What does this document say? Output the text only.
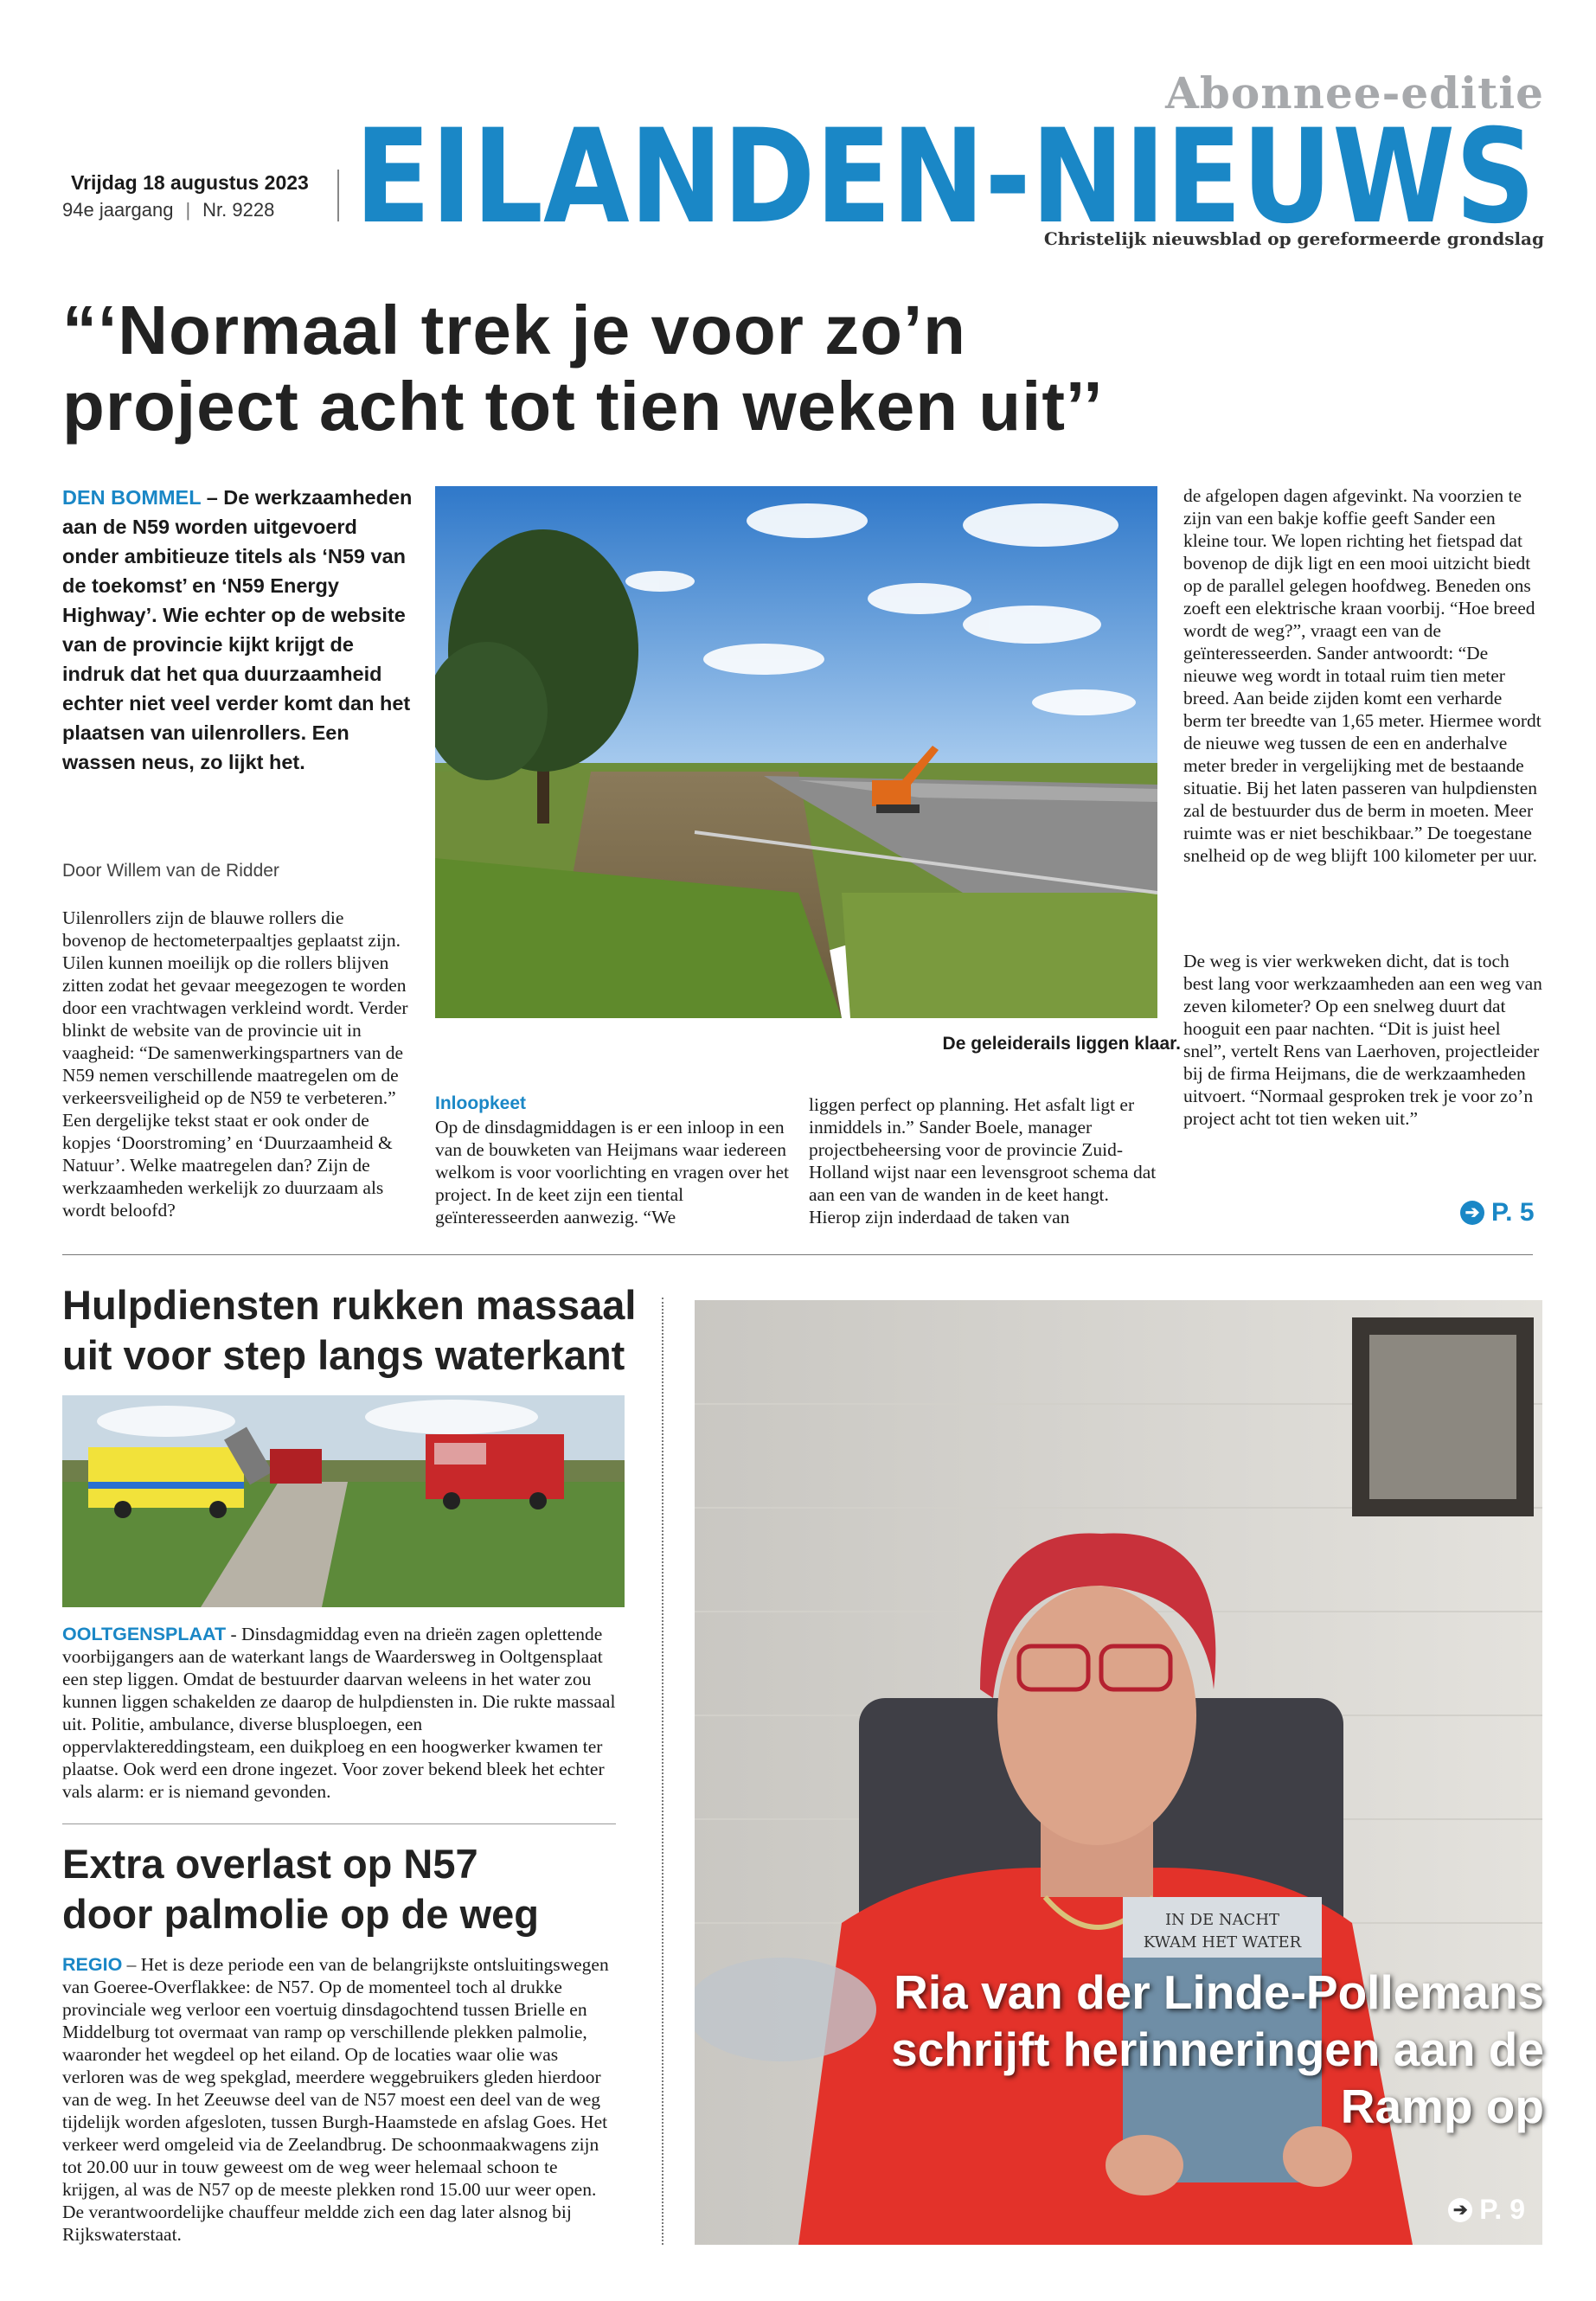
Abonnee-editie
Vrijdag 18 augustus 2023
94e jaargang | Nr. 9228 EILANDEN-NIEUWS
Christelijk nieuwsblad op gereformeerde grondslag
“‘Normaal trek je voor zo’n
project acht tot tien weken uit’’
DEN BOMMEL – De werkzaamheden aan de N59 worden uitgevoerd onder ambitieuze titels als ‘N59 van de toekomst’ en ‘N59 Energy Highway’. Wie echter op de website van de provincie kijkt krijgt de indruk dat het qua duurzaamheid echter niet veel verder komt dan het plaatsen van uilenrollers. Een wassen neus, zo lijkt het.
Door Willem van de Ridder
Uilenrollers zijn de blauwe rollers die bovenop de hectometerpaaltjes geplaatst zijn. Uilen kunnen moeilijk op die rollers blijven zitten zodat het gevaar meegezogen te worden door een vrachtwagen verkleind wordt. Verder blinkt de website van de provincie uit in vaagheid: “De samenwerkingspartners van de N59 nemen verschillende maatregelen om de verkeersveiligheid op de N59 te verbeteren.” Een dergelijke tekst staat er ook onder de kopjes ‘Doorstroming’ en ‘Duurzaamheid & Natuur’. Welke maatregelen dan? Zijn de werkzaamheden werkelijk zo duurzaam als wordt beloofd?
De geleiderails liggen klaar.
Inloopkeet
Op de dinsdagmiddagen is er een inloop in een van de bouwketen van Heijmans waar iedereen welkom is voor voorlichting en vragen over het project. In de keet zijn een tiental geïnteresseerden aanwezig. “We
liggen perfect op planning. Het asfalt ligt er inmiddels in.” Sander Boele, manager projectbeheersing voor de provincie Zuid-Holland wijst naar een levensgroot schema dat aan een van de wanden in de keet hangt. Hierop zijn inderdaad de taken van
de afgelopen dagen afgevinkt. Na voorzien te zijn van een bakje koffie geeft Sander een kleine tour. We lopen richting het fietspad dat bovenop de dijk ligt en een mooi uitzicht biedt op de parallel gelegen hoofdweg. Beneden ons zoeft een elektrische kraan voorbij. “Hoe breed wordt de weg?”, vraagt een van de geïnteresseerden. Sander antwoordt: “De nieuwe weg wordt in totaal ruim tien meter breed. Aan beide zijden komt een verharde berm ter breedte van 1,65 meter. Hiermee wordt de nieuwe weg tussen de een en anderhalve meter breder in vergelijking met de bestaande situatie. Bij het laten passeren van hulpdiensten zal de bestuurder dus de berm in moeten. Meer ruimte was er niet beschikbaar.” De toegestane snelheid op de weg blijft 100 kilometer per uur.
De weg is vier werkweken dicht, dat is toch best lang voor werkzaamheden aan een weg van zeven kilometer? Op een snelweg duurt dat hooguit een paar nachten. “Dit is juist heel snel”, vertelt Rens van Laerhoven, projectleider bij de firma Heijmans, die de werkzaamheden uitvoert. “Normaal gesproken trek je voor zo’n project acht tot tien weken uit.”
➔ P. 5
Hulpdiensten rukken massaal
uit voor step langs waterkant
OOLTGENSPLAAT - Dinsdagmiddag even na drieën zagen oplettende voorbijgangers aan de waterkant langs de Waardersweg in Ooltgensplaat een step liggen. Omdat de bestuurder daarvan weleens in het water zou kunnen liggen schakelden ze daarop de hulpdiensten in. Die rukte massaal uit. Politie, ambulance, diverse blusploegen, een oppervlaktereddingsteam, een duikploeg en een hoogwerker kwamen ter plaatse. Ook werd een drone ingezet. Voor zover bekend bleek het echter vals alarm: er is niemand gevonden.
Extra overlast op N57
door palmolie op de weg
REGIO – Het is deze periode een van de belangrijkste ontsluitingswegen van Goeree-Overflakkee: de N57. Op de momenteel toch al drukke provinciale weg verloor een voertuig dinsdagochtend tussen Brielle en Middelburg tot overmaat van ramp op verschillende plekken palmolie, waaronder het wegdeel op het eiland. Op de locaties waar olie was verloren was de weg spekglad, meerdere weggebruikers gleden hierdoor van de weg. In het Zeeuwse deel van de N57 moest een deel van de weg tijdelijk worden afgesloten, tussen Burgh-Haamstede en afslag Goes. Het verkeer werd omgeleid via de Zeelandbrug. De schoonmaakwagens zijn tot 20.00 uur in touw geweest om de weg weer helemaal schoon te krijgen, al was de N57 op de meeste plekken rond 15.00 uur weer open. De verantwoordelijke chauffeur meldde zich een dag later alsnog bij Rijkswaterstaat.
IN DE NACHT
KWAM HET WATER
Ria van der Linde-Pollemans
schrijft herinneringen aan de
Ramp op
➔ P. 9
